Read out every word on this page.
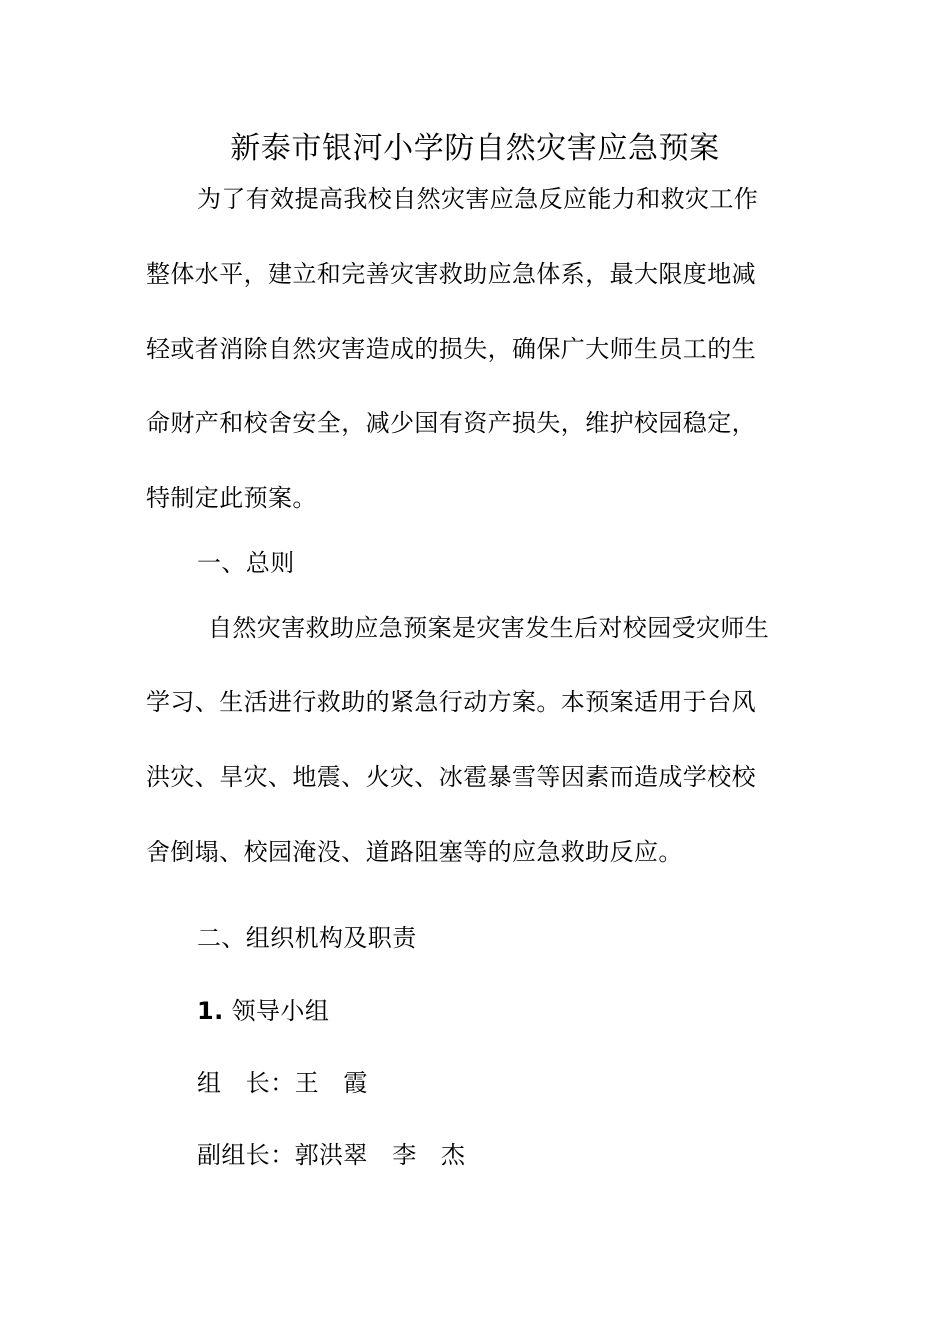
新泰市银河小学防自然灾害应急预案
为了有效提高我校自然灾害应急反应能力和救灾工作
整体水平，建立和完善灾害救助应急体系，最大限度地减
轻或者消除自然灾害造成的损失，确保广大师生员工的生
命财产和校舍安全，减少国有资产损失，维护校园稳定，
特制定此预案。
一、总则
自然灾害救助应急预案是灾害发生后对校园受灾师生
学习、生活进行救助的紧急行动方案。本预案适用于台风
洪灾、旱灾、地震、火灾、冰雹暴雪等因素而造成学校校
舍倒塌、校园淹没、道路阻塞等的应急救助反应。
二、组织机构及职责
1. 领导小组
组　长：王　霞
副组长：郭洪翠　李　杰
